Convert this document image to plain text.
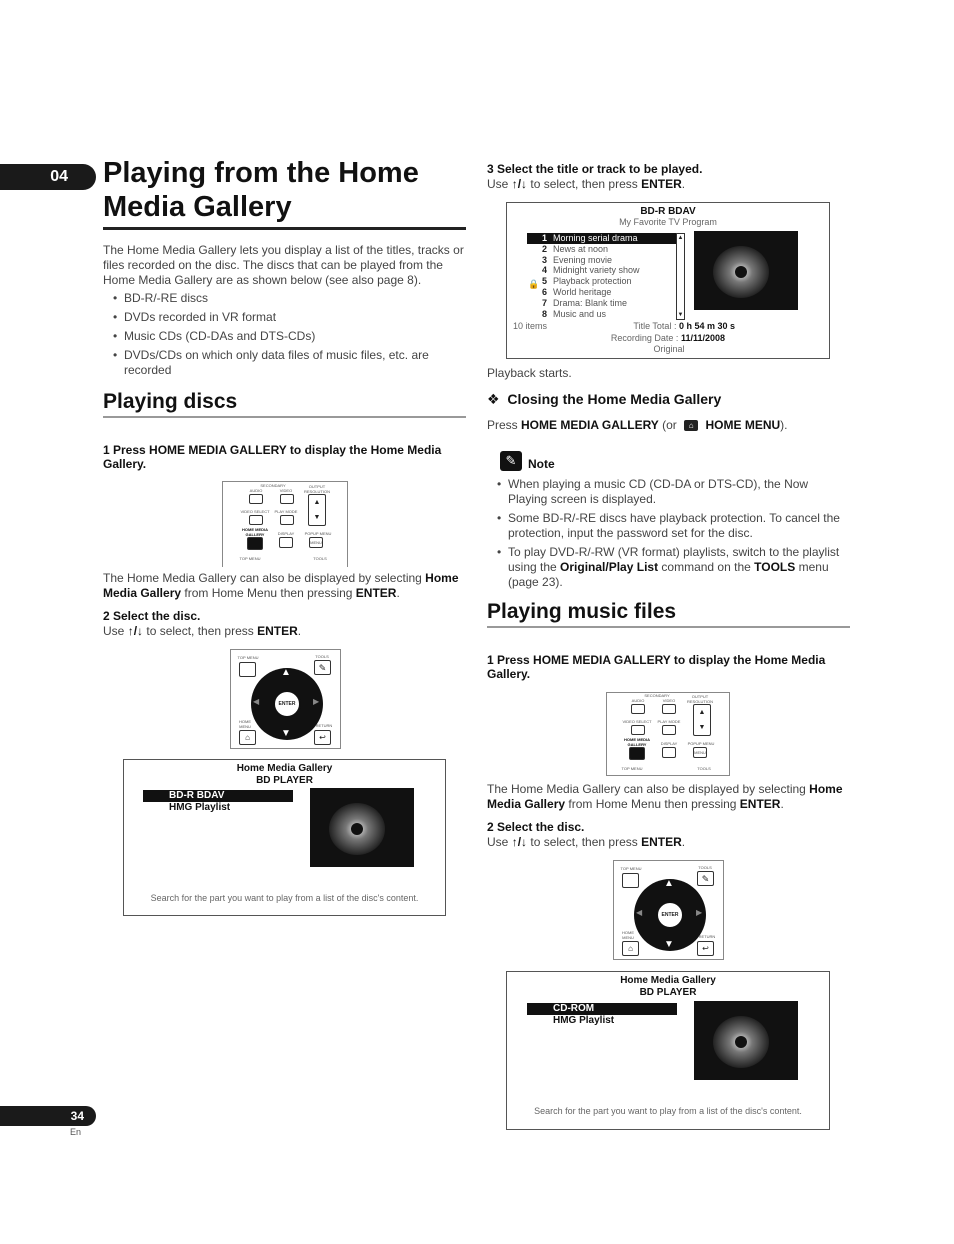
04	Playing from the Home Media Gallery
The Home Media Gallery lets you display a list of the titles, tracks or files recorded on the disc. The discs that can be played from the Home Media Gallery are as shown below (see also page 8).
• BD-R/-RE discs
• DVDs recorded in VR format
• Music CDs (CD-DAs and DTS-CDs)
• DVDs/CDs on which only data files of music files, etc. are recorded
Playing discs
1 Press HOME MEDIA GALLERY to display the Home Media Gallery.
SECONDARY
AUDIO	VIDEO
OUTPUT RESOLUTION
▲
▼
VIDEO SELECT	PLAY MODE
HOME MEDIA GALLERY	DISPLAY	POPUP MENU
MENU
TOP MENU	TOOLS
The Home Media Gallery can also be displayed by selecting Home Media Gallery from Home Menu then pressing ENTER.
2 Select the disc.
Use ↑/↓ to select, then press ENTER.
TOP MENU	TOOLS
✎
▲
▼
◀	▶
ENTER
HOME MENU	RETURN
⌂	↩
Home Media Gallery
BD PLAYER
BD-R BDAV
HMG Playlist
Search for the part you want to play from a list of the disc's content.
3 Select the title or track to be played.
Use ↑/↓ to select, then press ENTER.
BD-R BDAV
My Favorite TV Program
1 Morning serial drama
2 News at noon
3 Evening movie
4 Midnight variety show
5 Playback protection
6 World heritage
7 Drama: Blank time
8 Music and us
▲
▼
🔒
10 items	Title Total : 0 h 54 m 30 s
Recording Date : 11/11/2008
Original
Playback starts.
❖ Closing the Home Media Gallery
Press HOME MEDIA GALLERY (or ⌂ HOME MENU).
✎ Note
• When playing a music CD (CD-DA or DTS-CD), the Now Playing screen is displayed.
• Some BD-R/-RE discs have playback protection. To cancel the protection, input the password set for the disc.
• To play DVD-R/-RW (VR format) playlists, switch to the playlist using the Original/Play List command on the TOOLS menu (page 23).
Playing music files
1 Press HOME MEDIA GALLERY to display the Home Media Gallery.
SECONDARY
AUDIO	VIDEO
OUTPUT RESOLUTION
▲
▼
VIDEO SELECT	PLAY MODE
HOME MEDIA GALLERY	DISPLAY	POPUP MENU
MENU
TOP MENU	TOOLS
The Home Media Gallery can also be displayed by selecting Home Media Gallery from Home Menu then pressing ENTER.
2 Select the disc.
Use ↑/↓ to select, then press ENTER.
TOP MENU	TOOLS
✎
▲
▼
◀	▶
ENTER
HOME MENU	RETURN
⌂	↩
Home Media Gallery
BD PLAYER
CD-ROM
HMG Playlist
Search for the part you want to play from a list of the disc's content.
34
En
